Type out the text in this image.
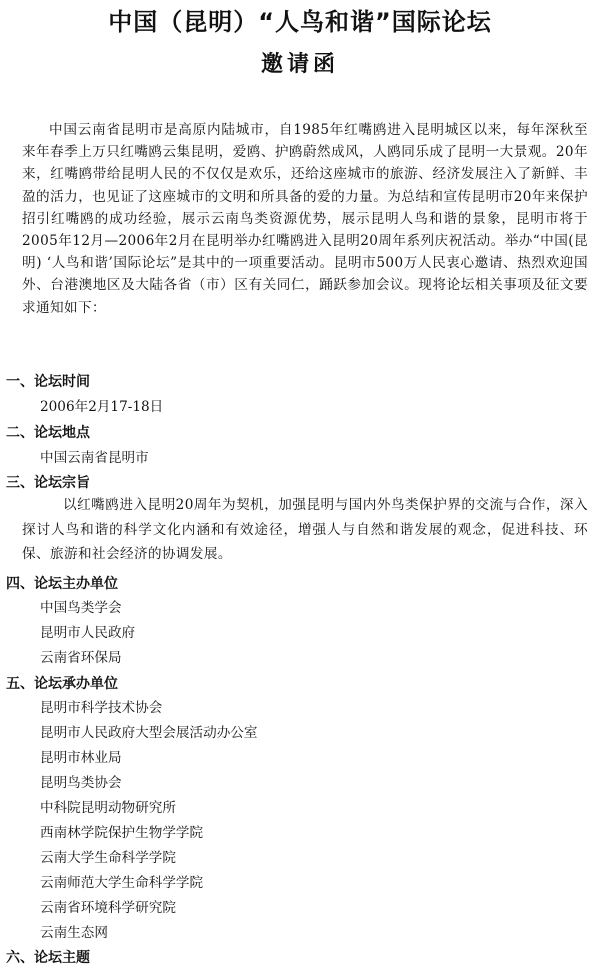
中国（昆明）“人鸟和谐”国际论坛
邀请函
中国云南省昆明市是高原内陆城市，自1985年红嘴鸥进入昆明城区以来，每年深秋至来年春季上万只红嘴鸥云集昆明，爱鸥、护鸥蔚然成风，人鸥同乐成了昆明一大景观。20年来，红嘴鸥带给昆明人民的不仅仅是欢乐，还给这座城市的旅游、经济发展注入了新鲜、丰盈的活力，也见证了这座城市的文明和所具备的爱的力量。为总结和宣传昆明市20年来保护招引红嘴鸥的成功经验，展示云南鸟类资源优势，展示昆明人鸟和谐的景象，昆明市将于2005年12月—2006年2月在昆明举办红嘴鸥进入昆明20周年系列庆祝活动。举办“中国(昆明) ‘人鸟和谐’国际论坛”是其中的一项重要活动。昆明市500万人民衷心邀请、热烈欢迎国外、台港澳地区及大陆各省（市）区有关同仁，踊跃参加会议。现将论坛相关事项及征文要求通知如下：
一、论坛时间
2006年2月17-18日
二、论坛地点
中国云南省昆明市
三、论坛宗旨
以红嘴鸥进入昆明20周年为契机，加强昆明与国内外鸟类保护界的交流与合作，深入探讨人鸟和谐的科学文化内涵和有效途径，增强人与自然和谐发展的观念，促进科技、环保、旅游和社会经济的协调发展。
四、论坛主办单位
中国鸟类学会
昆明市人民政府
云南省环保局
五、论坛承办单位
昆明市科学技术协会
昆明市人民政府大型会展活动办公室
昆明市林业局
昆明鸟类协会
中科院昆明动物研究所
西南林学院保护生物学学院
云南大学生命科学学院
云南师范大学生命科学学院
云南省环境科学研究院
云南生态网
六、论坛主题
